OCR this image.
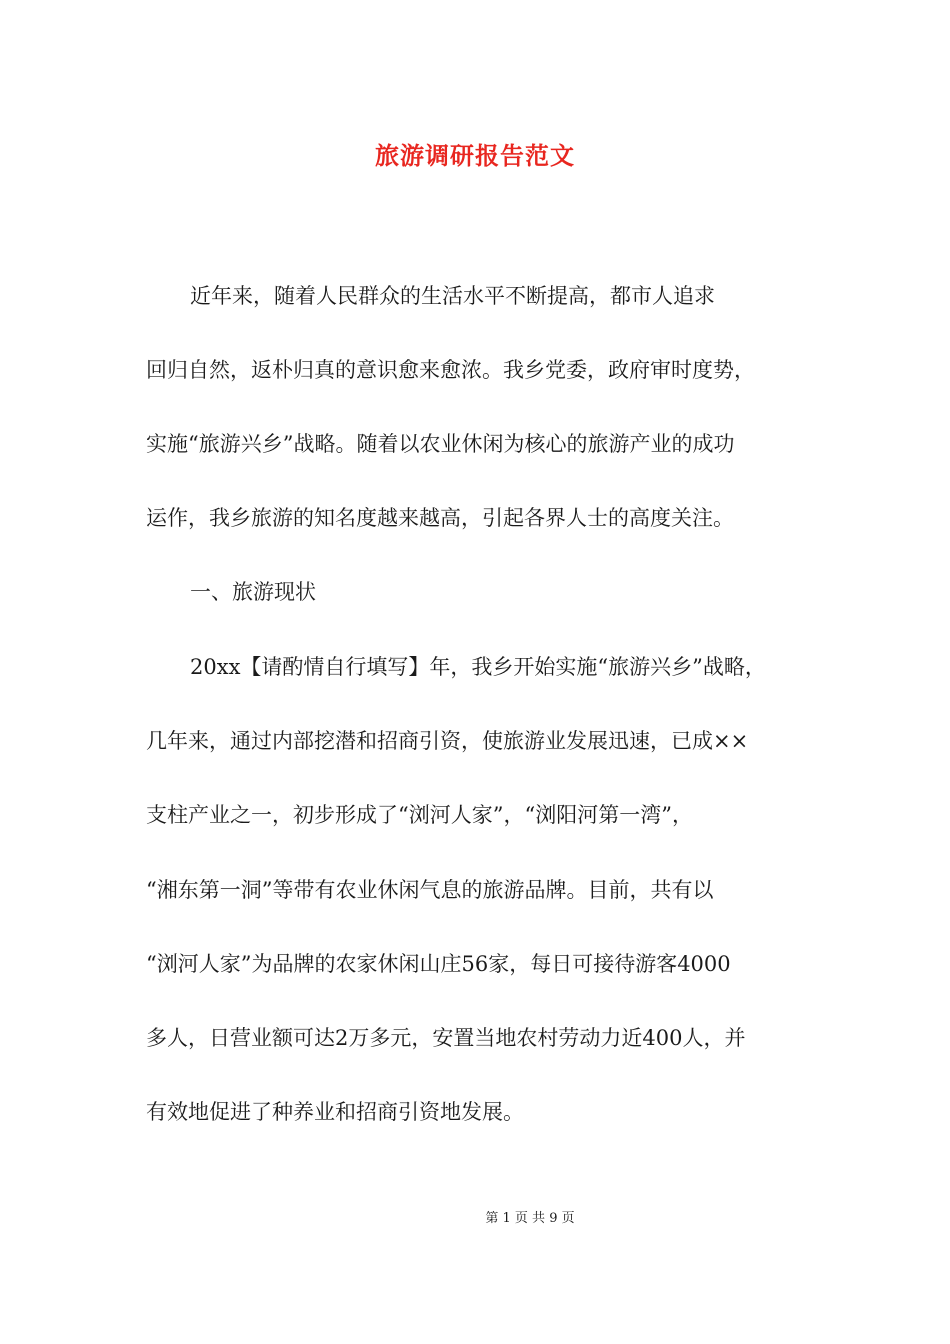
旅游调研报告范文
近年来，随着人民群众的生活水平不断提高，都市人追求
回归自然，返朴归真的意识愈来愈浓。我乡党委，政府审时度势，
实施“旅游兴乡”战略。随着以农业休闲为核心的旅游产业的成功
运作，我乡旅游的知名度越来越高，引起各界人士的高度关注。
一、旅游现状
20xx【请酌情自行填写】年，我乡开始实施“旅游兴乡”战略，
几年来，通过内部挖潜和招商引资，使旅游业发展迅速，已成××
支柱产业之一，初步形成了“浏河人家”，“浏阳河第一湾”，
“湘东第一洞”等带有农业休闲气息的旅游品牌。目前，共有以
“浏河人家”为品牌的农家休闲山庄56家，每日可接待游客4000
多人，日营业额可达2万多元，安置当地农村劳动力近400人，并
有效地促进了种养业和招商引资地发展。
第 1 页 共 9 页
